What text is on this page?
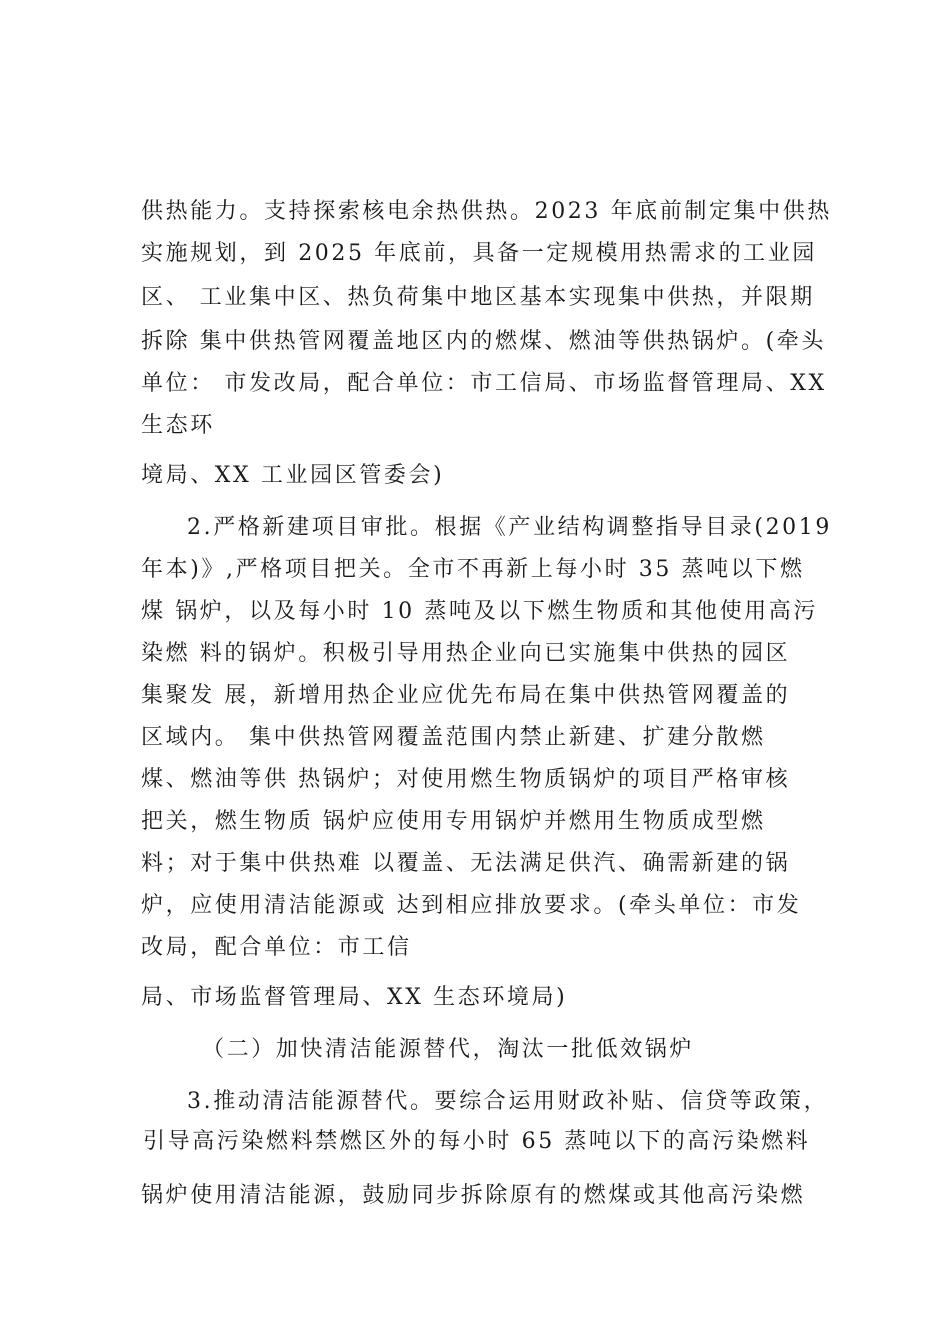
供热能力。支持探索核电余热供热。2023 年底前制定集中供热
实施规划，到 2025 年底前，具备一定规模用热需求的工业园
区、 工业集中区、热负荷集中地区基本实现集中供热，并限期
拆除 集中供热管网覆盖地区内的燃煤、燃油等供热锅炉。(牵头
单位： 市发改局，配合单位：市工信局、市场监督管理局、XX
生态环
境局、XX 工业园区管委会)
2.严格新建项目审批。根据《产业结构调整指导目录(2019
年本)》,严格项目把关。全市不再新上每小时 35 蒸吨以下燃
煤 锅炉，以及每小时 10 蒸吨及以下燃生物质和其他使用高污
染燃 料的锅炉。积极引导用热企业向已实施集中供热的园区
集聚发 展，新增用热企业应优先布局在集中供热管网覆盖的
区域内。 集中供热管网覆盖范围内禁止新建、扩建分散燃
煤、燃油等供 热锅炉；对使用燃生物质锅炉的项目严格审核
把关，燃生物质 锅炉应使用专用锅炉并燃用生物质成型燃
料；对于集中供热难 以覆盖、无法满足供汽、确需新建的锅
炉，应使用清洁能源或 达到相应排放要求。(牵头单位：市发
改局，配合单位：市工信
局、市场监督管理局、XX 生态环境局)
（二）加快清洁能源替代，淘汰一批低效锅炉
3.推动清洁能源替代。要综合运用财政补贴、信贷等政策，
引导高污染燃料禁燃区外的每小时 65 蒸吨以下的高污染燃料
锅炉使用清洁能源，鼓励同步拆除原有的燃煤或其他高污染燃
